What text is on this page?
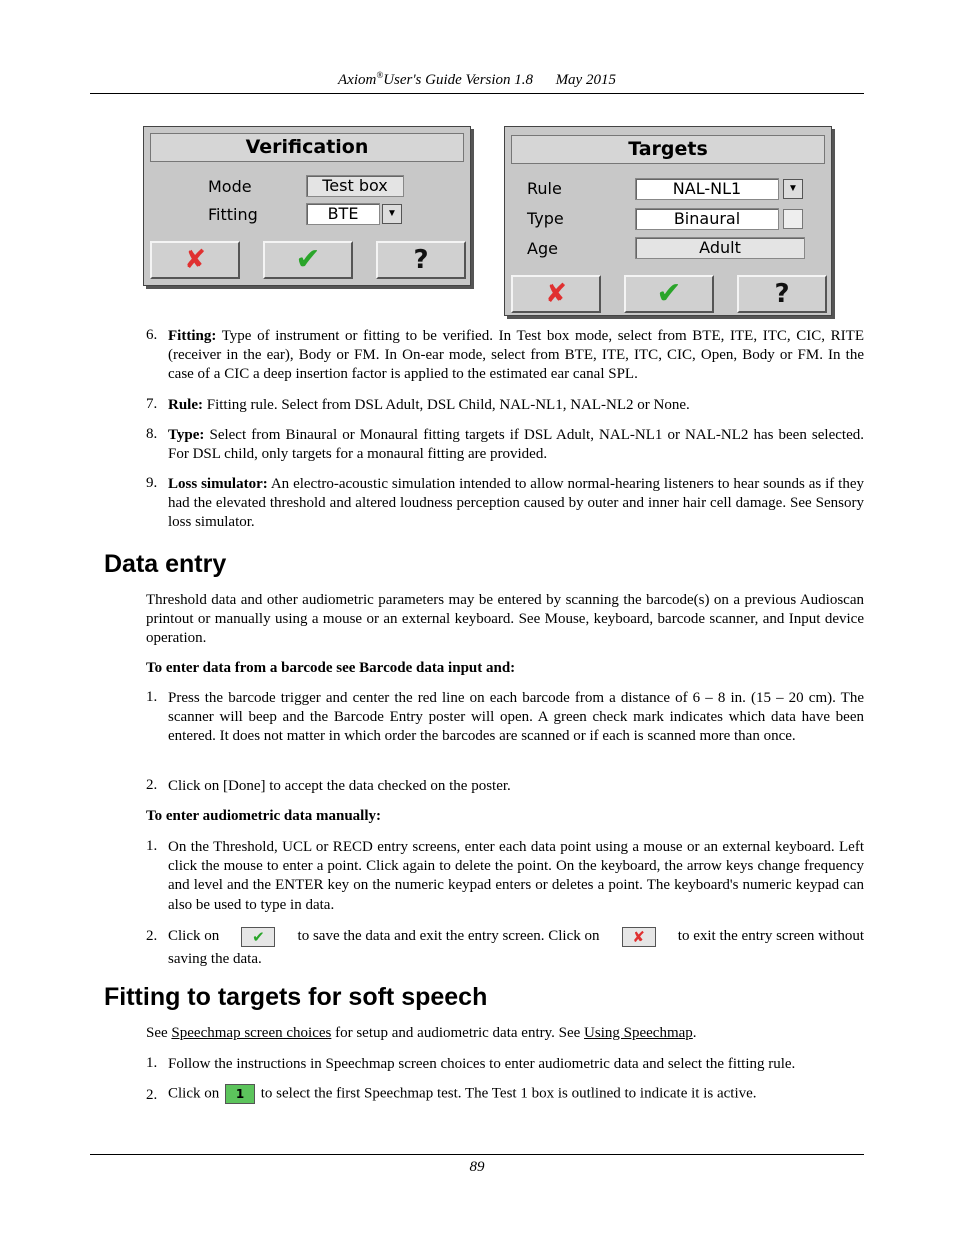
Axiom®User's Guide Version 1.8 May 2015
Verification
Mode	Test box
Fitting	BTE	▼
✘	✔	?
Targets
Rule	NAL-NL1	▼
Type	Binaural
Age	Adult
✘	✔	?
6. Fitting: Type of instrument or fitting to be verified. In Test box mode, select from BTE, ITE, ITC, CIC, RITE (receiver in the ear), Body or FM. In On-ear mode, select from BTE, ITE, ITC, CIC, Open, Body or FM. In the case of a CIC a deep insertion factor is applied to the estimated ear canal SPL.
7. Rule: Fitting rule. Select from DSL Adult, DSL Child, NAL-NL1, NAL-NL2 or None.
8. Type: Select from Binaural or Monaural fitting targets if DSL Adult, NAL-NL1 or NAL-NL2 has been selected. For DSL child, only targets for a monaural fitting are provided.
9. Loss simulator: An electro-acoustic simulation intended to allow normal-hearing listeners to hear sounds as if they had the elevated threshold and altered loudness perception caused by outer and inner hair cell damage. See Sensory loss simulator.
Data entry
Threshold data and other audiometric parameters may be entered by scanning the barcode(s) on a previous Audioscan printout or manually using a mouse or an external keyboard. See Mouse, keyboard, barcode scanner, and Input device operation.
To enter data from a barcode see Barcode data input and:
1. Press the barcode trigger and center the red line on each barcode from a distance of 6 – 8 in. (15 – 20 cm). The scanner will beep and the Barcode Entry poster will open. A green check mark indicates which data have been entered. It does not matter in which order the barcodes are scanned or if each is scanned more than once.
2. Click on [Done] to accept the data checked on the poster.
To enter audiometric data manually:
1. On the Threshold, UCL or RECD entry screens, enter each data point using a mouse or an external keyboard. Left click the mouse to enter a point. Click again to delete the point. On the keyboard, the arrow keys change frequency and level and the ENTER key on the numeric keypad enters or deletes a point. The keyboard's numeric keypad can also be used to type in data.
2. Click on	✔	to save the data and exit the entry screen. Click on	✘	to exit the entry screen without
saving the data.
Fitting to targets for soft speech
See Speechmap screen choices for setup and audiometric data entry. See Using Speechmap.
1. Follow the instructions in Speechmap screen choices to enter audiometric data and select the fitting rule.
2. Click on 1 to select the first Speechmap test. The Test 1 box is outlined to indicate it is active.
89
